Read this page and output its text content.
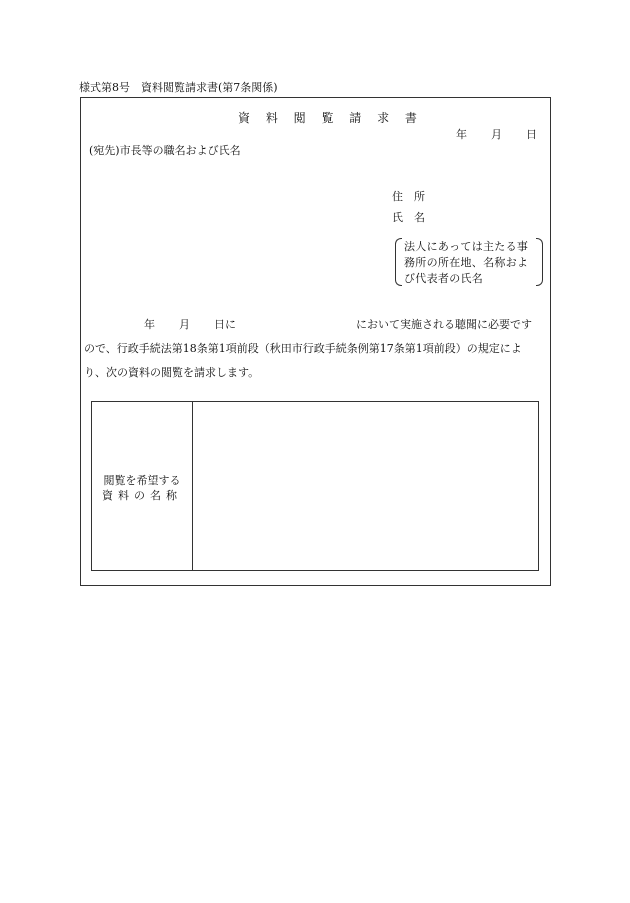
様式第8号　資料閲覧請求書(第7条関係)
資 料 閲 覧 請 求 書
年 月 日
(宛先)市長等の職名および氏名
住　所
氏　名
法人にあっては主たる事務所の所在地、名称および代表者の氏名
年 月 日に	において実施される聴聞に必要です
ので、行政手続法第18条第1項前段（秋田市行政手続条例第17条第1項前段）の規定によ
り、次の資料の閲覧を請求します。
閲覧を希望する
資料の名称
